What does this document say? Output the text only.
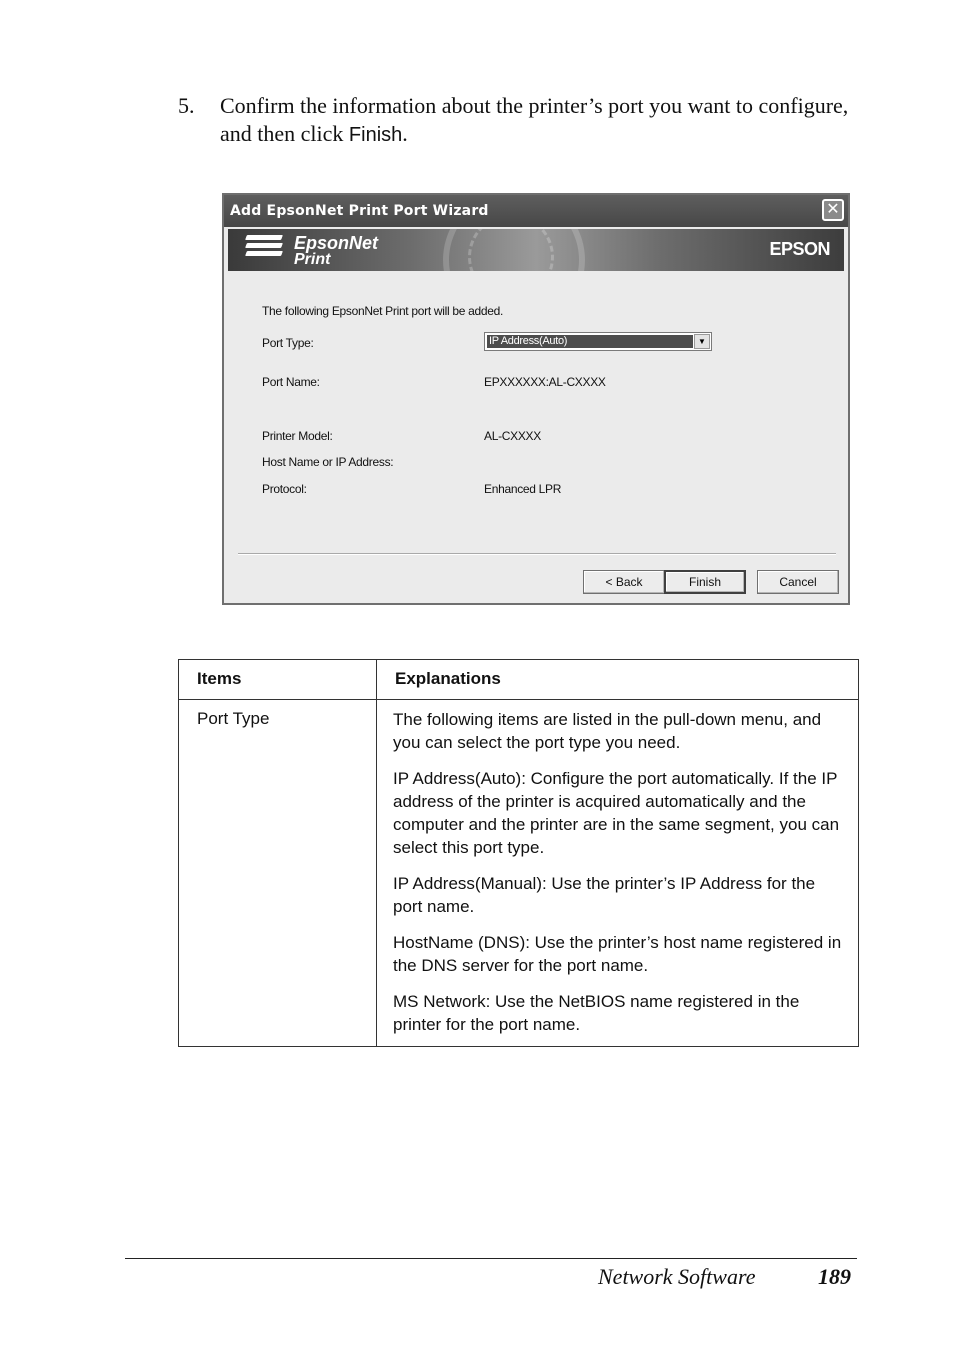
5. Confirm the information about the printer’s port you want to configure, and then click Finish.
Add EpsonNet Print Port Wizard	✕
EpsonNet
Print
EPSON
The following EpsonNet Print port will be added.
Port Type:	IP Address(Auto)	▼
Port Name:	EPXXXXXX:AL-CXXXX
Printer Model:	AL-CXXXX
Host Name or IP Address:
Protocol:	Enhanced LPR
< Back	Finish	Cancel
Items	Explanations
Port Type	The following items are listed in the pull-down menu, and you can select the port type you need.

IP Address(Auto): Configure the port automatically. If the IP address of the printer is acquired automatically and the computer and the printer are in the same segment, you can select this port type.

IP Address(Manual): Use the printer’s IP Address for the port name.

HostName (DNS): Use the printer’s host name registered in the DNS server for the port name.

MS Network: Use the NetBIOS name registered in the printer for the port name.

Network Software	189
